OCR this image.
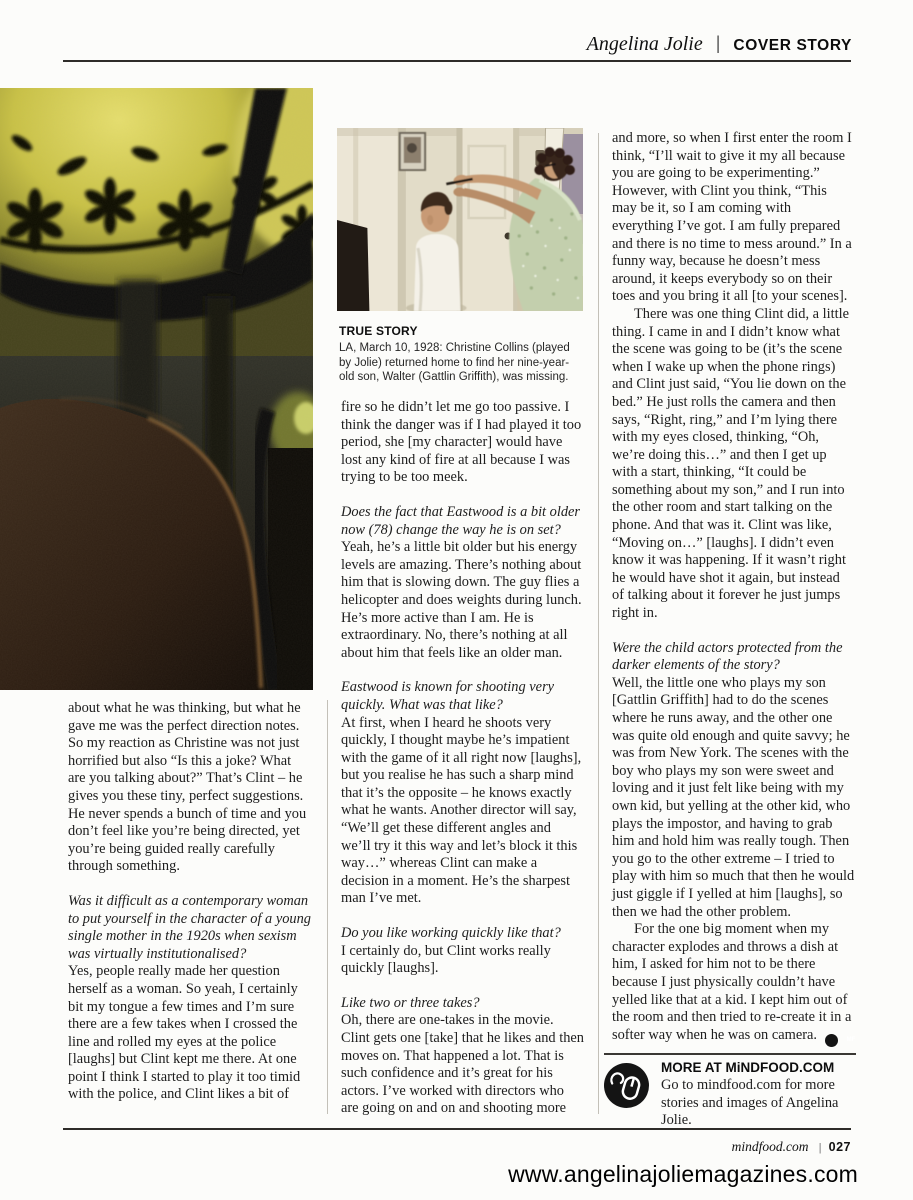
Angelina Jolie | COVER STORY

TRUE STORY

LA, March 10, 1928: Christine Collins (played by Jolie) returned home to find her nine-year-old son, Walter (Gattlin Griffith), was missing.

about what he was thinking, but what he gave me was the perfect direction notes. So my reaction as Christine was not just horrified but also “Is this a joke? What are you talking about?” That’s Clint – he gives you these tiny, perfect suggestions. He never spends a bunch of time and you don’t feel like you’re being directed, yet you’re being guided really carefully through something.

Was it difficult as a contemporary woman to put yourself in the character of a young single mother in the 1920s when sexism was virtually institutionalised?

Yes, people really made her question herself as a woman. So yeah, I certainly bit my tongue a few times and I’m sure there are a few takes when I crossed the line and rolled my eyes at the police [laughs] but Clint kept me there. At one point I think I started to play it too timid with the police, and Clint likes a bit of

fire so he didn’t let me go too passive. I think the danger was if I had played it too period, she [my character] would have lost any kind of fire at all because I was trying to be too meek.

Does the fact that Eastwood is a bit older now (78) change the way he is on set?

Yeah, he’s a little bit older but his energy levels are amazing. There’s nothing about him that is slowing down. The guy flies a helicopter and does weights during lunch. He’s more active than I am. He is extraordinary. No, there’s nothing at all about him that feels like an older man.

Eastwood is known for shooting very quickly. What was that like?

At first, when I heard he shoots very quickly, I thought maybe he’s impatient with the game of it all right now [laughs], but you realise he has such a sharp mind that it’s the opposite – he knows exactly what he wants. Another director will say, “We’ll get these different angles and we’ll try it this way and let’s block it this way…” whereas Clint can make a decision in a moment. He’s the sharpest man I’ve met.

Do you like working quickly like that?

I certainly do, but Clint works really quickly [laughs].

Like two or three takes?

Oh, there are one-takes in the movie. Clint gets one [take] that he likes and then moves on. That happened a lot. That is such confidence and it’s great for his actors. I’ve worked with directors who are going on and on and shooting more

and more, so when I first enter the room I think, “I’ll wait to give it my all because you are going to be experimenting.” However, with Clint you think, “This may be it, so I am coming with everything I’ve got. I am fully prepared and there is no time to mess around.” In a funny way, because he doesn’t mess around, it keeps everybody so on their toes and you bring it all [to your scenes].

There was one thing Clint did, a little thing. I came in and I didn’t know what the scene was going to be (it’s the scene when I wake up when the phone rings) and Clint just said, “You lie down on the bed.” He just rolls the camera and then says, “Right, ring,” and I’m lying there with my eyes closed, thinking, “Oh, we’re doing this…” and then I get up with a start, thinking, “It could be something about my son,” and I run into the other room and start talking on the phone. And that was it. Clint was like, “Moving on…” [laughs]. I didn’t even know it was happening. If it wasn’t right he would have shot it again, but instead of talking about it forever he just jumps right in.

Were the child actors protected from the darker elements of the story?

Well, the little one who plays my son [Gattlin Griffith] had to do the scenes where he runs away, and the other one was quite old enough and quite savvy; he was from New York. The scenes with the boy who plays my son were sweet and loving and it just felt like being with my own kid, but yelling at the other kid, who plays the impostor, and having to grab him and hold him was really tough. Then you go to the other extreme – I tried to play with him so much that then he would just giggle if I yelled at him [laughs], so then we had the other problem.

For the one big moment when my character explodes and throws a dish at him, I asked for him not to be there because I just physically couldn’t have yelled like that at a kid. I kept him out of the room and then tried to re-create it in a softer way when he was on camera.	MF

MORE AT MiNDFOOD.COM

Go to mindfood.com for more stories and images of Angelina Jolie.

mindfood.com | 027
www.angelinajoliemagazines.com
